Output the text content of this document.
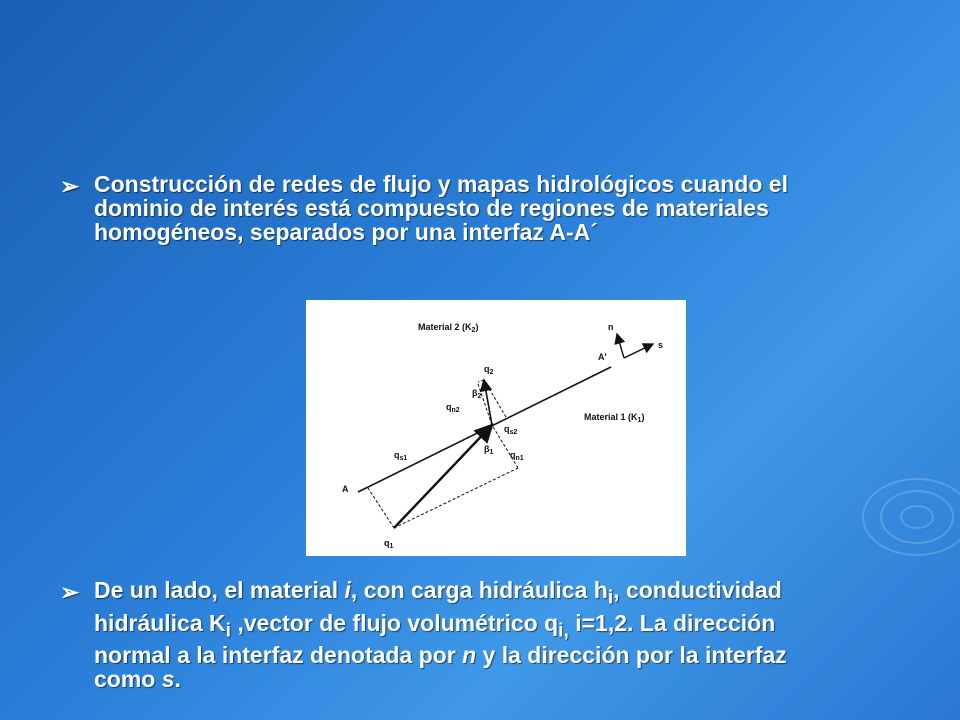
➢ Construcción de redes de flujo y mapas hidrológicos cuando el dominio de interés está compuesto de regiones de materiales homogéneos, separados por una interfaz A-A´
Material 2 $(K_2)$
Material 1 $(K_1)$
A
A'
n
s
$q_1$
$q_2$
$q_{s1}$
$q_{s2}$
$q_{n1}$
$q_{n2}$
$\beta_1$
$\beta_2$
➢ De un lado, el material i, con carga hidráulica $h_i$, conductividad
hidráulica $K_i$ ,vector de flujo volumétrico $q_{i,}$ i=1,2. La dirección
normal a la interfaz denotada por n y la dirección por la interfaz
como s.
